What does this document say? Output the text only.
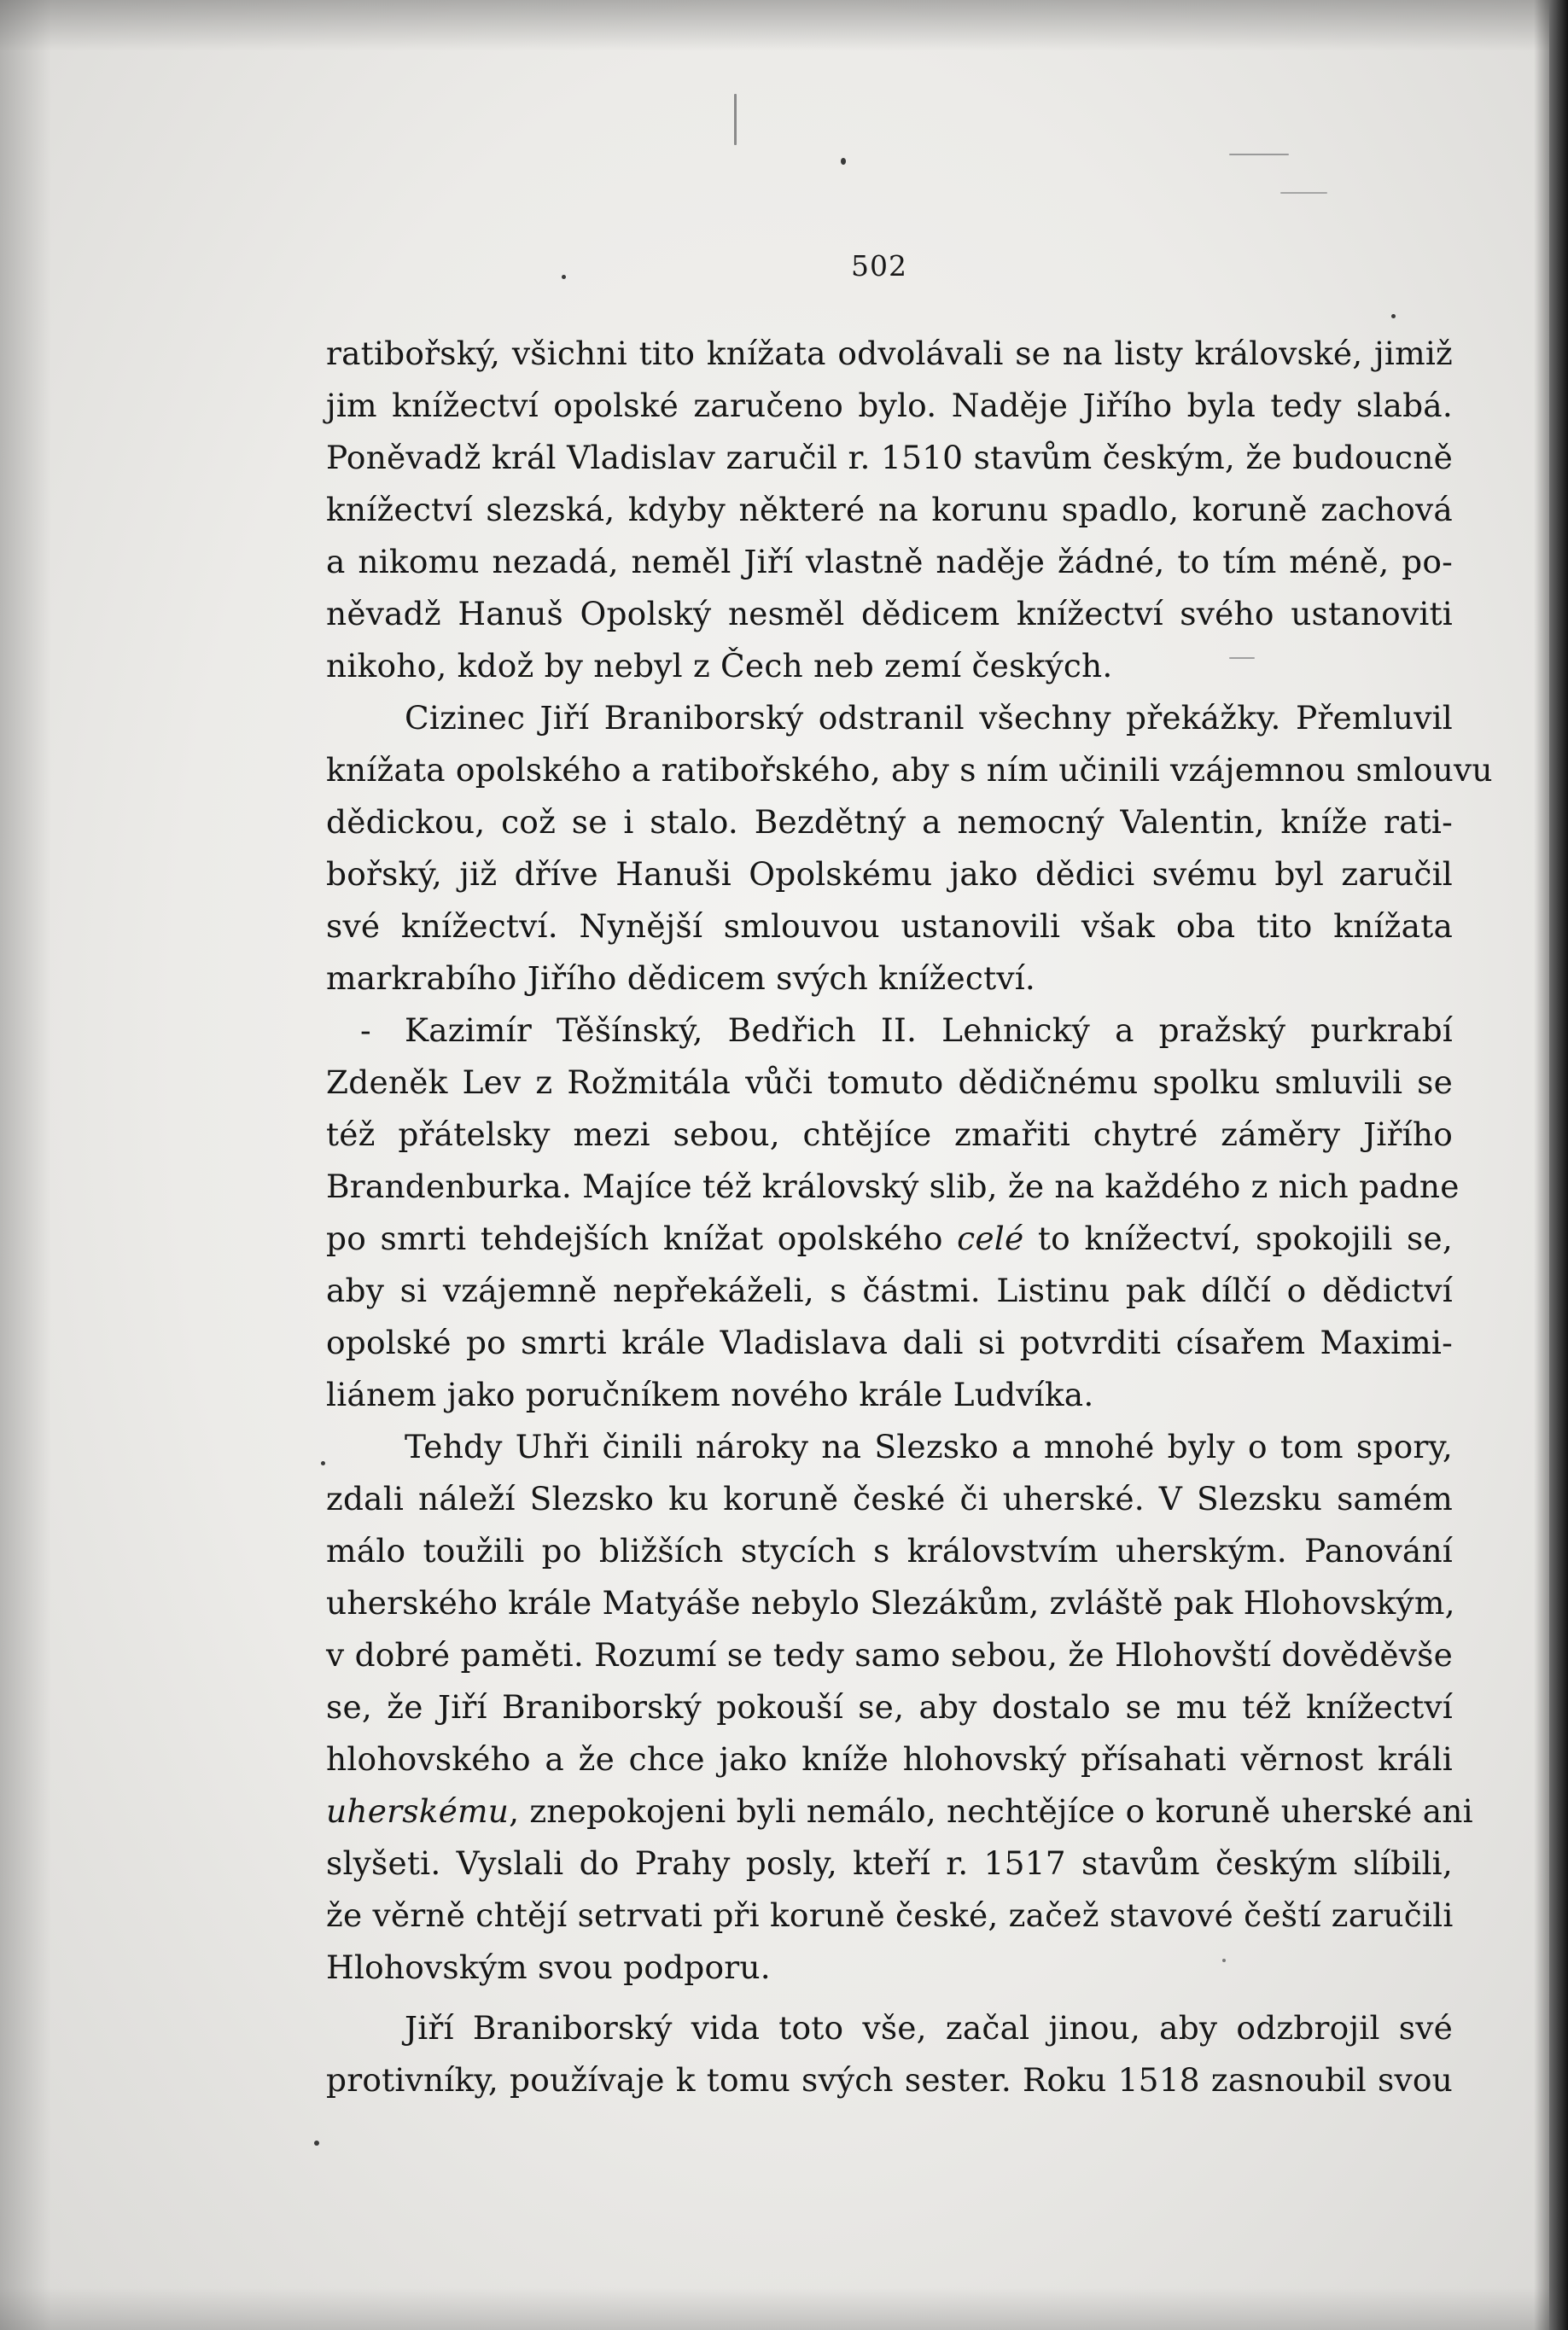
502
ratibořský, všichni tito knížata odvolávali se na listy královské, jimiž
jim knížectví opolské zaručeno bylo. Naděje Jiřího byla tedy slabá.
Poněvadž král Vladislav zaručil r. 1510 stavům českým, že budoucně
knížectví slezská, kdyby některé na korunu spadlo, koruně zachová
a nikomu nezadá, neměl Jiří vlastně naděje žádné, to tím méně, po-
něvadž Hanuš Opolský nesměl dědicem knížectví svého ustanoviti
nikoho, kdož by nebyl z Čech neb zemí českých.
Cizinec Jiří Braniborský odstranil všechny překážky. Přemluvil
knížata opolského a ratibořského, aby s ním učinili vzájemnou smlouvu
dědickou, což se i stalo. Bezdětný a nemocný Valentin, kníže rati-
bořský, již dříve Hanuši Opolskému jako dědici svému byl zaručil
své knížectví. Nynější smlouvou ustanovili však oba tito knížata
markrabího Jiřího dědicem svých knížectví.
- Kazimír Těšínský, Bedřich II. Lehnický a pražský purkrabí
Zdeněk Lev z Rožmitála vůči tomuto dědičnému spolku smluvili se
též přátelsky mezi sebou, chtějíce zmařiti chytré záměry Jiřího
Brandenburka. Majíce též královský slib, že na každého z nich padne
po smrti tehdejších knížat opolského celé to knížectví, spokojili se,
aby si vzájemně nepřekáželi, s částmi. Listinu pak dílčí o dědictví
opolské po smrti krále Vladislava dali si potvrditi císařem Maximi-
liánem jako poručníkem nového krále Ludvíka.
Tehdy Uhři činili nároky na Slezsko a mnohé byly o tom spory,
zdali náleží Slezsko ku koruně české či uherské. V Slezsku samém
málo toužili po bližších stycích s královstvím uherským. Panování
uherského krále Matyáše nebylo Slezákům, zvláště pak Hlohovským,
v dobré paměti. Rozumí se tedy samo sebou, že Hlohovští dověděvše
se, že Jiří Braniborský pokouší se, aby dostalo se mu též knížectví
hlohovského a že chce jako kníže hlohovský přísahati věrnost králi
uherskému, znepokojeni byli nemálo, nechtějíce o koruně uherské ani
slyšeti. Vyslali do Prahy posly, kteří r. 1517 stavům českým slíbili,
že věrně chtějí setrvati při koruně české, začež stavové čeští zaručili
Hlohovským svou podporu.
Jiří Braniborský vida toto vše, začal jinou, aby odzbrojil své
protivníky, používaje k tomu svých sester. Roku 1518 zasnoubil svou
